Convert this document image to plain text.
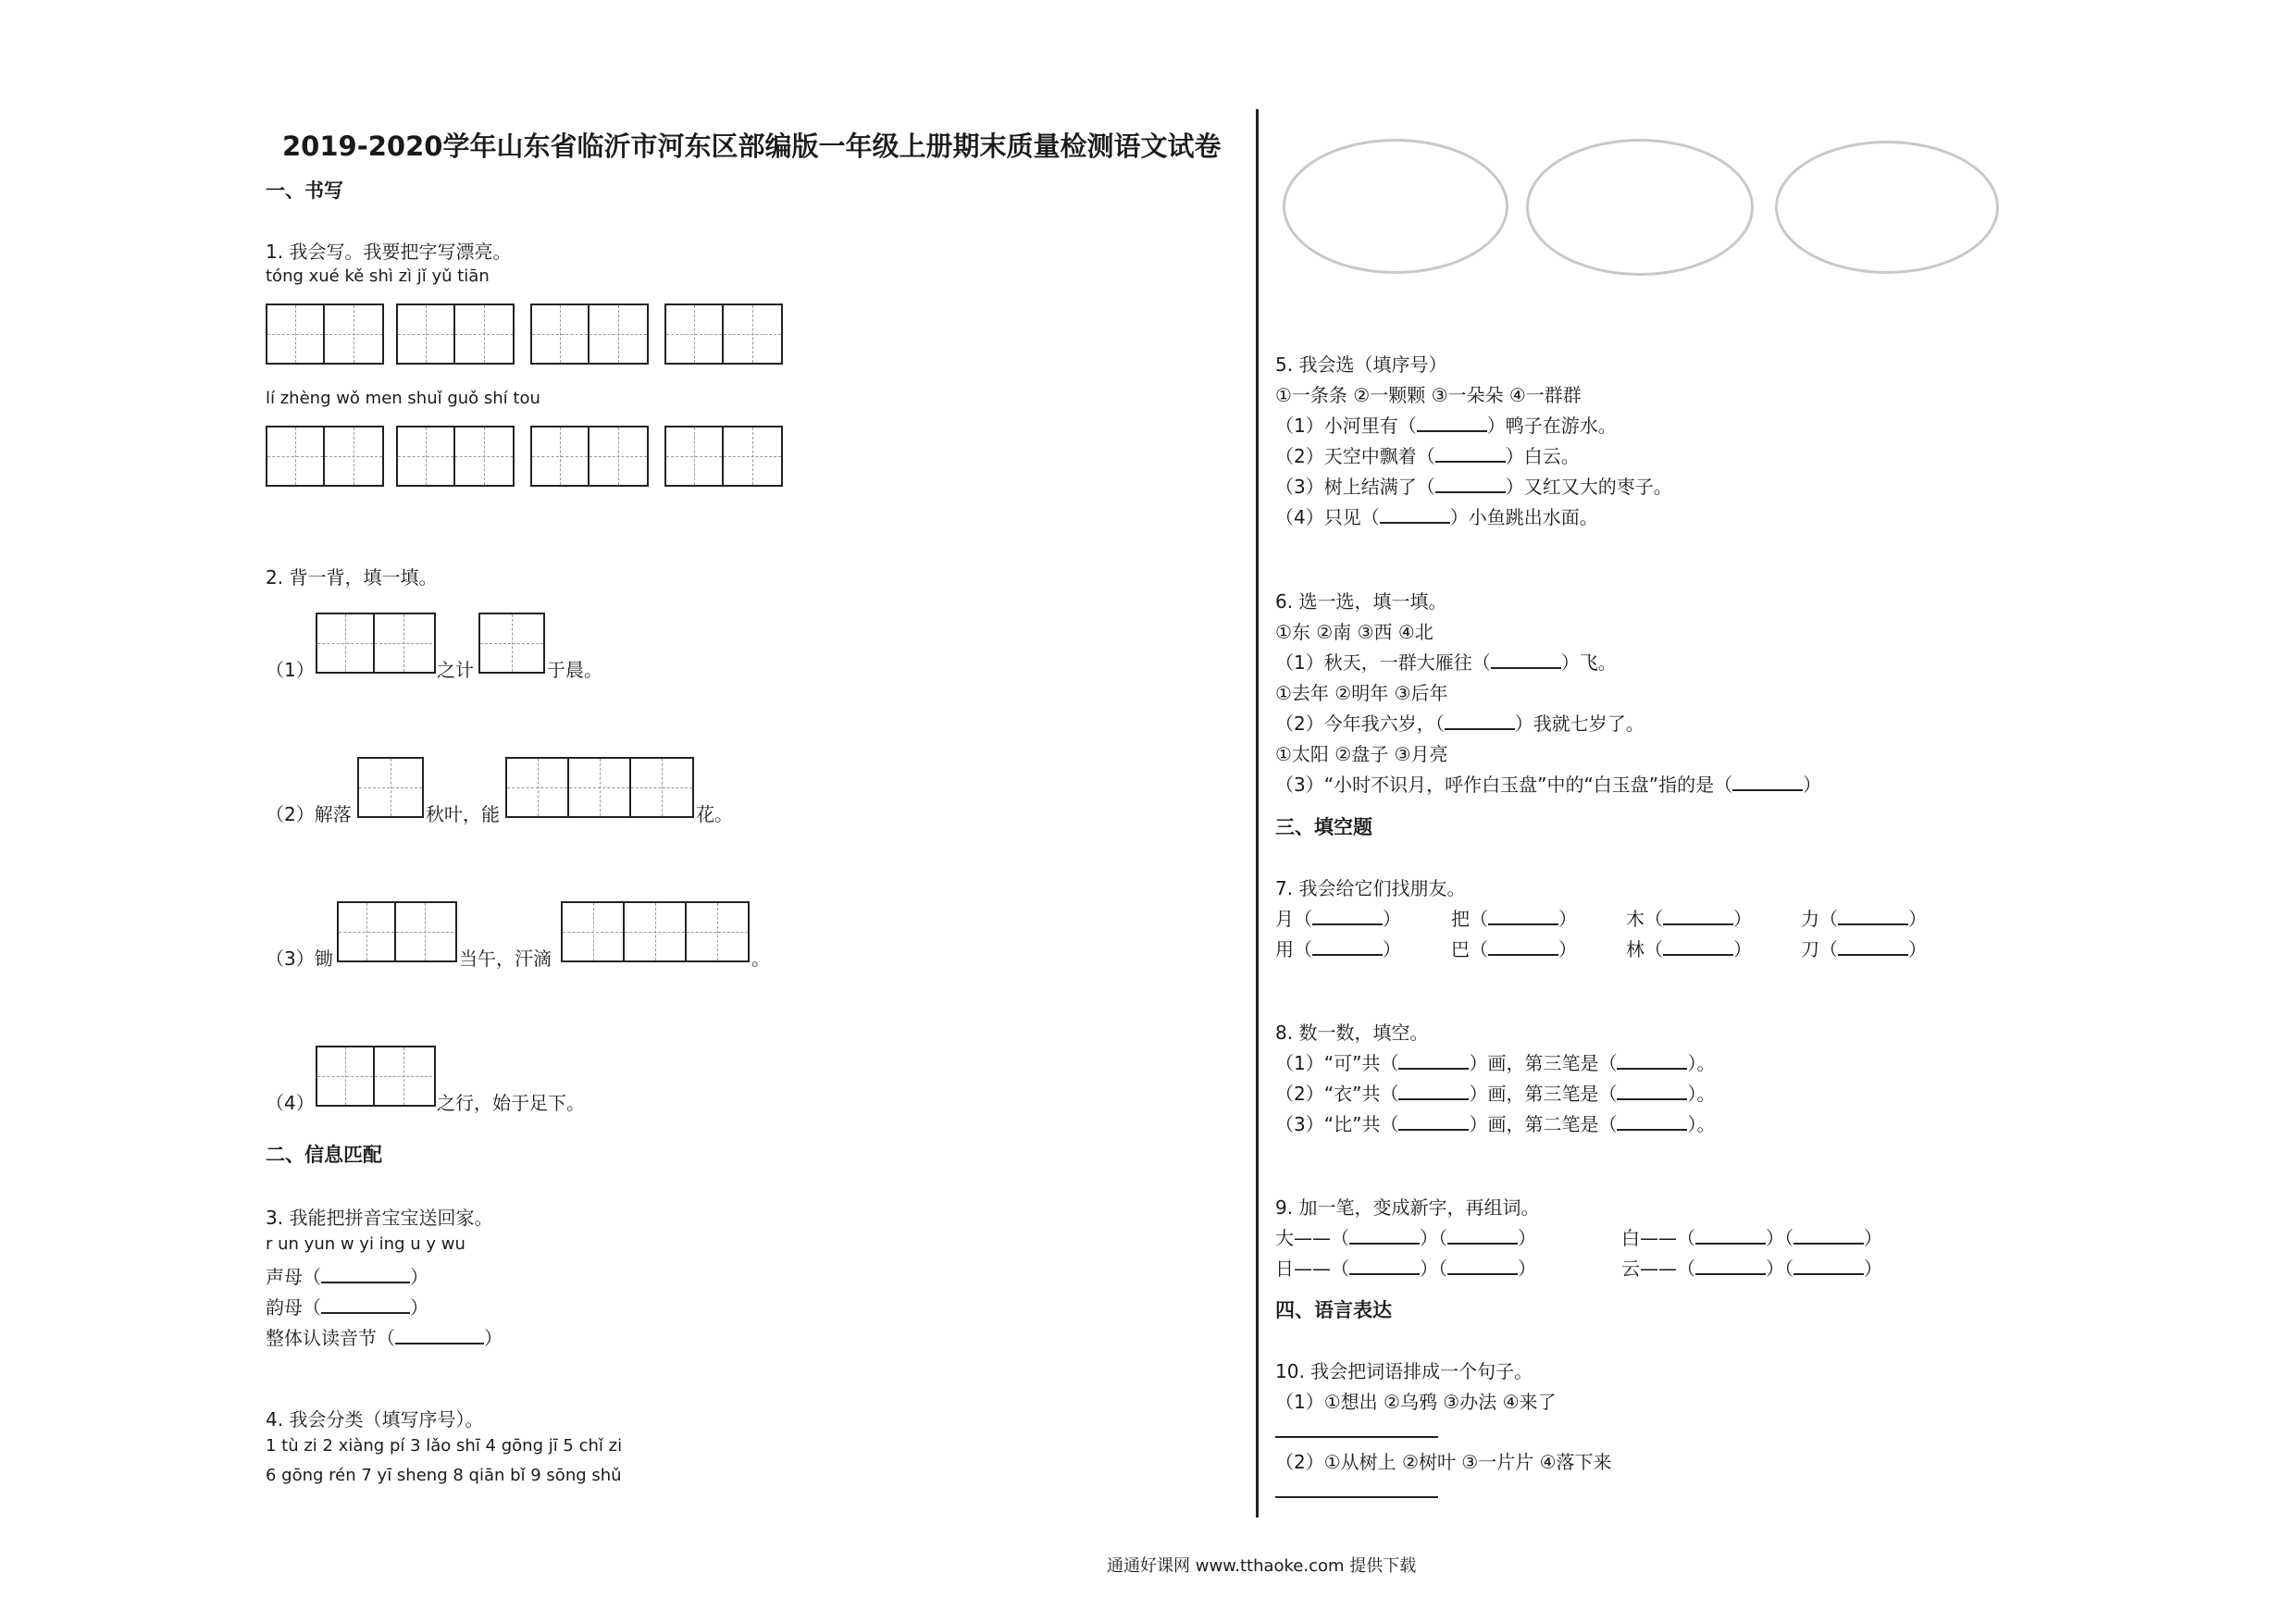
2019-2020学年山东省临沂市河东区部编版一年级上册期末质量检测语文试卷
一、书写
1. 我会写。我要把字写漂亮。
tóng xué kě shì zì jǐ yǔ tiān
lí zhèng wǒ men shuǐ guǒ shí tou
2. 背一背，填一填。
（1）	之计	于晨。
（2）解落	秋叶，能	花。
（3）锄	当午，汗滴	。
（4）	之行，始于足下。
二、信息匹配
3. 我能把拼音宝宝送回家。
r un yun w yi ing u y wu
声母（	）
韵母（	）
整体认读音节（	）
4. 我会分类（填写序号）。
1 tù zi 2 xiàng pí 3 lǎo shī 4 gōng jī 5 chǐ zi
6 gōng rén 7 yī sheng 8 qiān bǐ 9 sōng shǔ
5. 我会选（填序号）
①一条条 ②一颗颗 ③一朵朵 ④一群群
（1）小河里有（	）鸭子在游水。
（2）天空中飘着（	）白云。
（3）树上结满了（	）又红又大的枣子。
（4）只见（	）小鱼跳出水面。
6. 选一选，填一填。
①东 ②南 ③西 ④北
（1）秋天，一群大雁往（	）飞。
①去年 ②明年 ③后年
（2）今年我六岁，（	）我就七岁了。
①太阳 ②盘子 ③月亮
（3）“小时不识月，呼作白玉盘”中的“白玉盘”指的是（	）
三、填空题
7. 我会给它们找朋友。
月（	）	把（	）	木（	）	力（	）
用（	）	巴（	）	林（	）	刀（	）
8. 数一数，填空。
（1）“可”共（	）画，第三笔是（	）。
（2）“衣”共（	）画，第三笔是（	）。
（3）“比”共（	）画，第二笔是（	）。
9. 加一笔，变成新字，再组词。
大——（	）（	）	白——（	）（	）
日——（	）（	）	云——（	）（	）
四、语言表达
10. 我会把词语排成一个句子。
（1）①想出 ②乌鸦 ③办法 ④来了
（2）①从树上 ②树叶 ③一片片 ④落下来
通通好课网 www.tthaoke.com 提供下载
